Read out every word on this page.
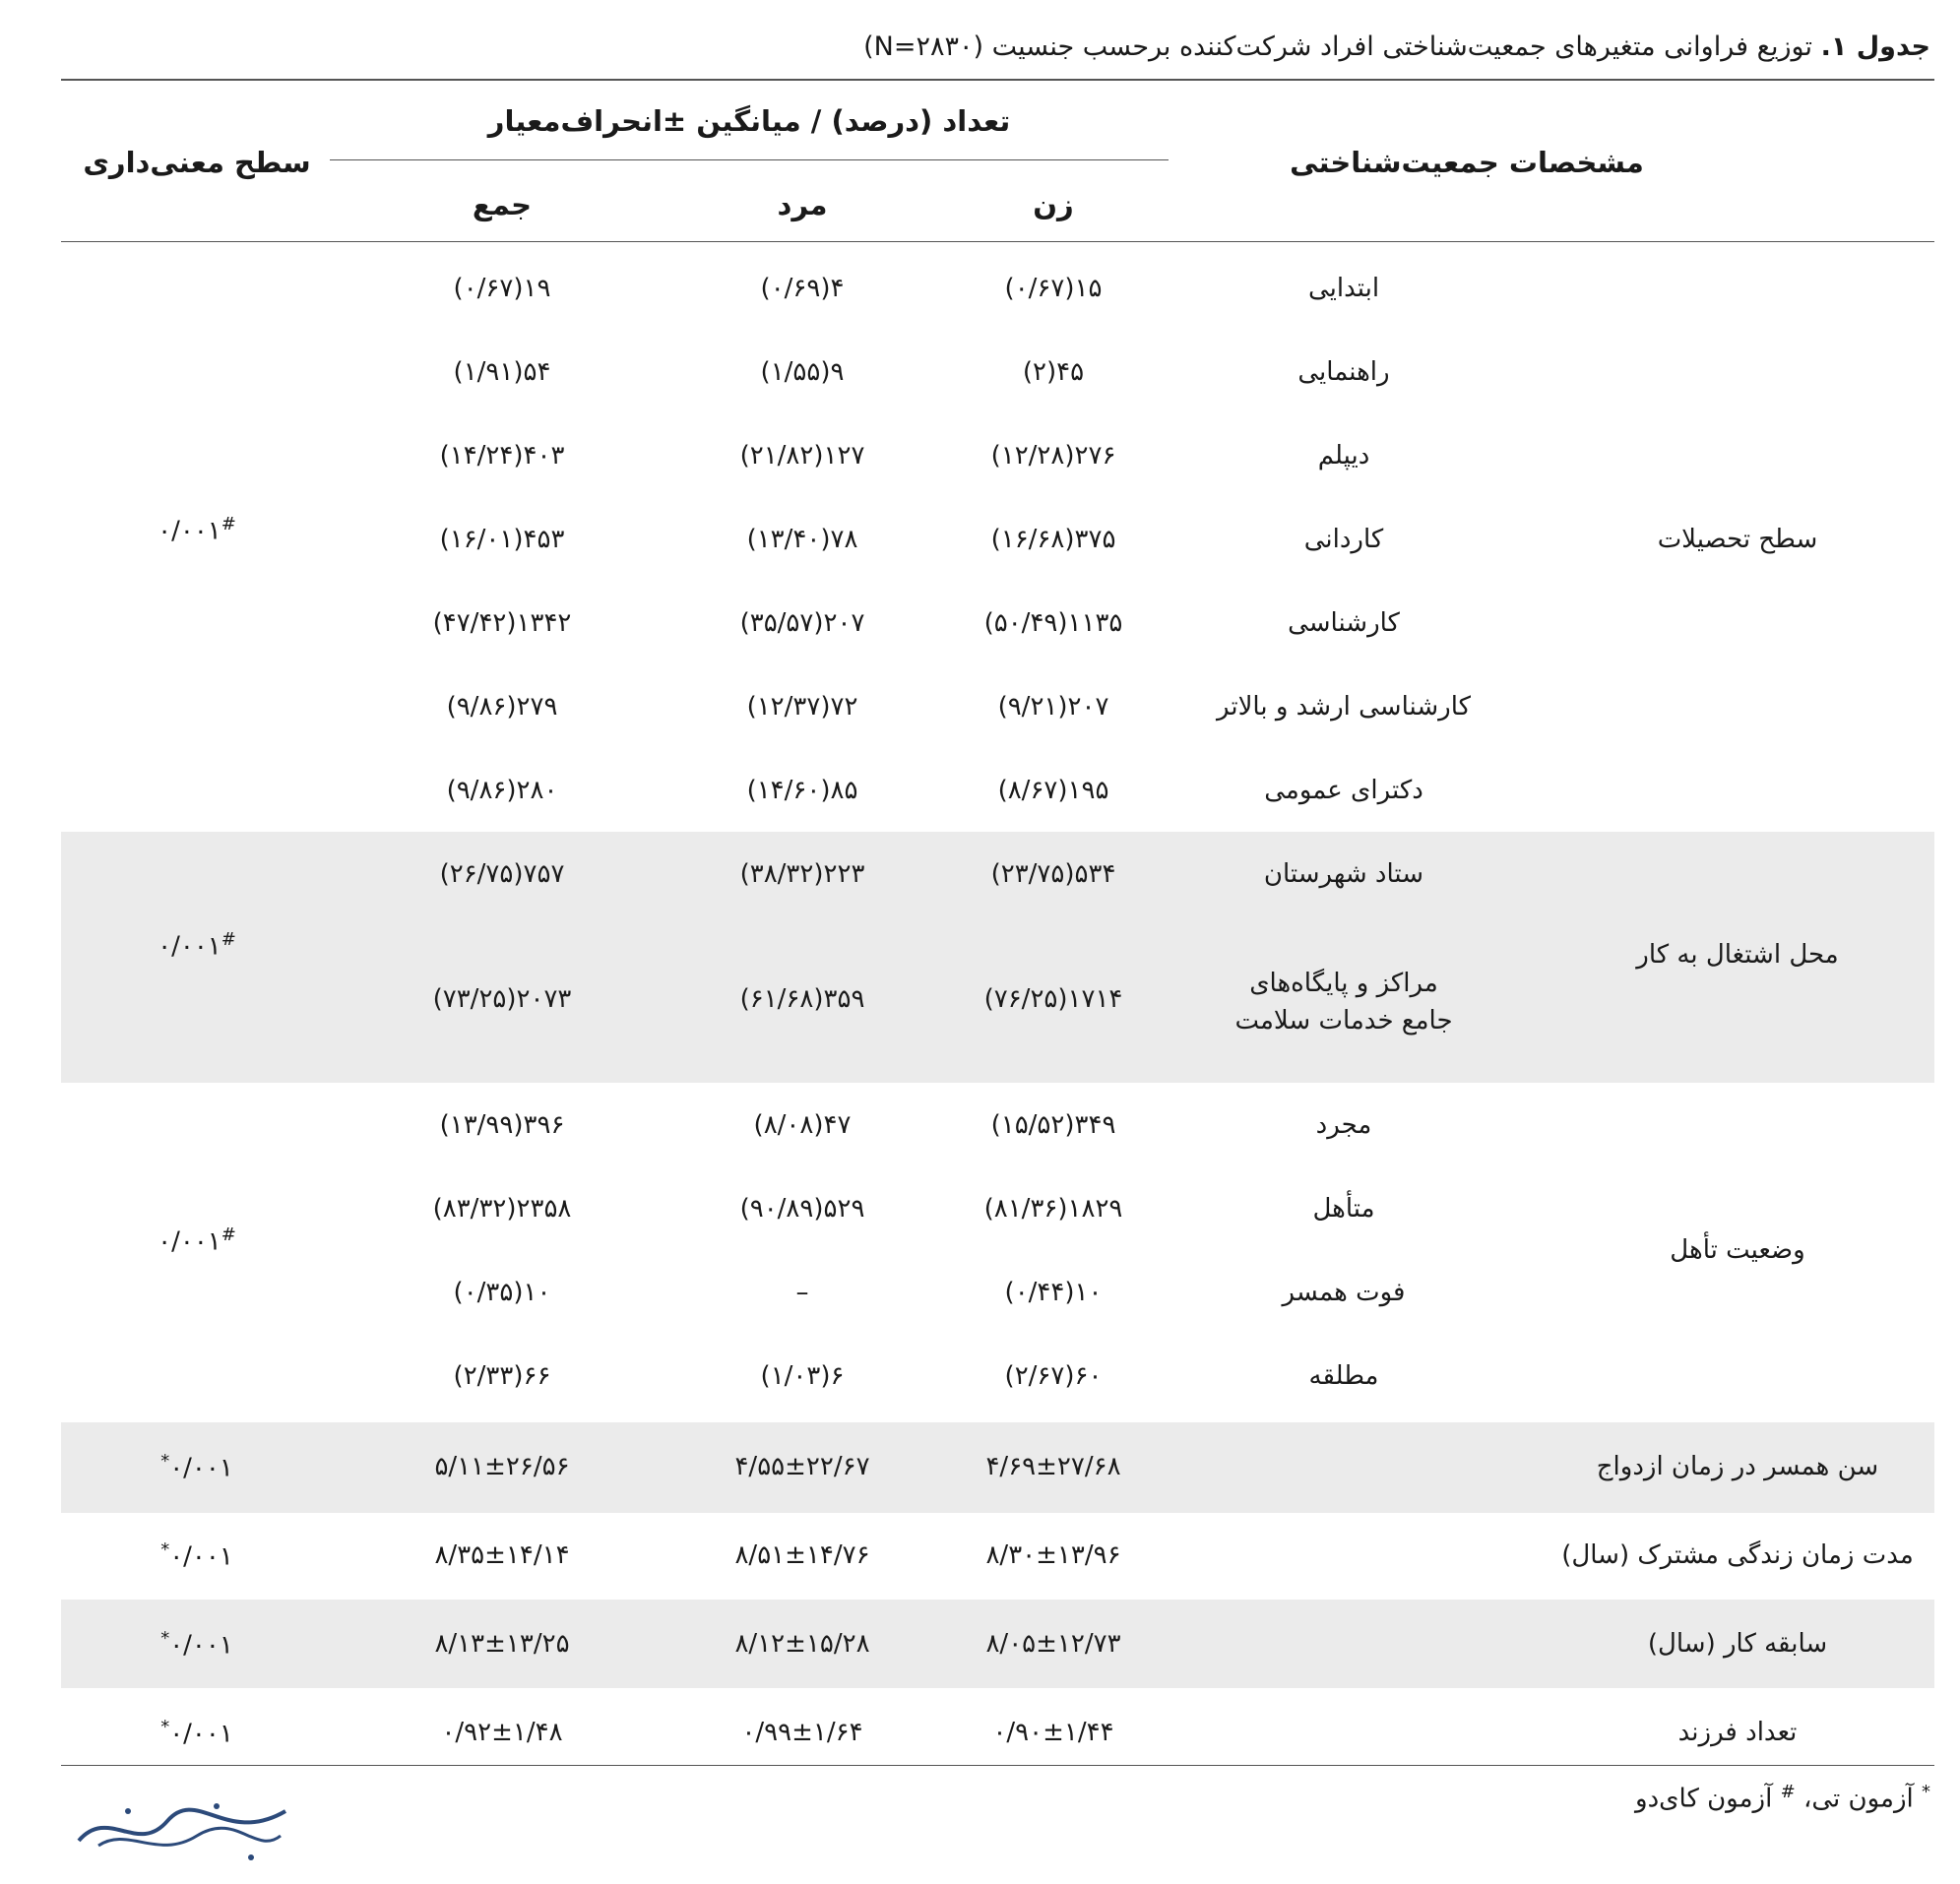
جدول ۱. توزیع فراوانی متغیرهای جمعیت‌شناختی افراد شرکت‌کننده برحسب جنسیت (N=۲۸۳۰)
مشخصات جمعیت‌شناختی
تعداد (درصد) / میانگین ±انحراف‌معیار
زن
مرد
جمع
سطح معنی‌داری
سطح تحصیلات
۰/۰۰۱#
ابتدایی
۱۵(۰/۶۷)
۴(۰/۶۹)
۱۹(۰/۶۷)
راهنمایی
۴۵(۲)
۹(۱/۵۵)
۵۴(۱/۹۱)
دیپلم
۲۷۶(۱۲/۲۸)
۱۲۷(۲۱/۸۲)
۴۰۳(۱۴/۲۴)
کاردانی
۳۷۵(۱۶/۶۸)
۷۸(۱۳/۴۰)
۴۵۳(۱۶/۰۱)
کارشناسی
۱۱۳۵(۵۰/۴۹)
۲۰۷(۳۵/۵۷)
۱۳۴۲(۴۷/۴۲)
کارشناسی ارشد و بالاتر
۲۰۷(۹/۲۱)
۷۲(۱۲/۳۷)
۲۷۹(۹/۸۶)
دکترای عمومی
۱۹۵(۸/۶۷)
۸۵(۱۴/۶۰)
۲۸۰(۹/۸۶)
محل اشتغال به کار
۰/۰۰۱#
ستاد شهرستان
۵۳۴(۲۳/۷۵)
۲۲۳(۳۸/۳۲)
۷۵۷(۲۶/۷۵)
مراکز و پایگاه‌های
جامع خدمات سلامت
۱۷۱۴(۷۶/۲۵)
۳۵۹(۶۱/۶۸)
۲۰۷۳(۷۳/۲۵)
وضعیت تأهل
۰/۰۰۱#
مجرد
۳۴۹(۱۵/۵۲)
۴۷(۸/۰۸)
۳۹۶(۱۳/۹۹)
متأهل
۱۸۲۹(۸۱/۳۶)
۵۲۹(۹۰/۸۹)
۲۳۵۸(۸۳/۳۲)
فوت همسر
۱۰(۰/۴۴)
–
۱۰(۰/۳۵)
مطلقه
۶۰(۲/۶۷)
۶(۱/۰۳)
۶۶(۲/۳۳)
سن همسر در زمان ازدواج
۴/۶۹±۲۷/۶۸
۴/۵۵±۲۲/۶۷
۵/۱۱±۲۶/۵۶
۰/۰۰۱*
مدت زمان زندگی مشترک (سال)
۸/۳۰±۱۳/۹۶
۸/۵۱±۱۴/۷۶
۸/۳۵±۱۴/۱۴
۰/۰۰۱*
سابقه کار (سال)
۸/۰۵±۱۲/۷۳
۸/۱۲±۱۵/۲۸
۸/۱۳±۱۳/۲۵
۰/۰۰۱*
تعداد فرزند
۰/۹۰±۱/۴۴
۰/۹۹±۱/۶۴
۰/۹۲±۱/۴۸
۰/۰۰۱*
* آزمون تی، # آزمون کای‌دو
